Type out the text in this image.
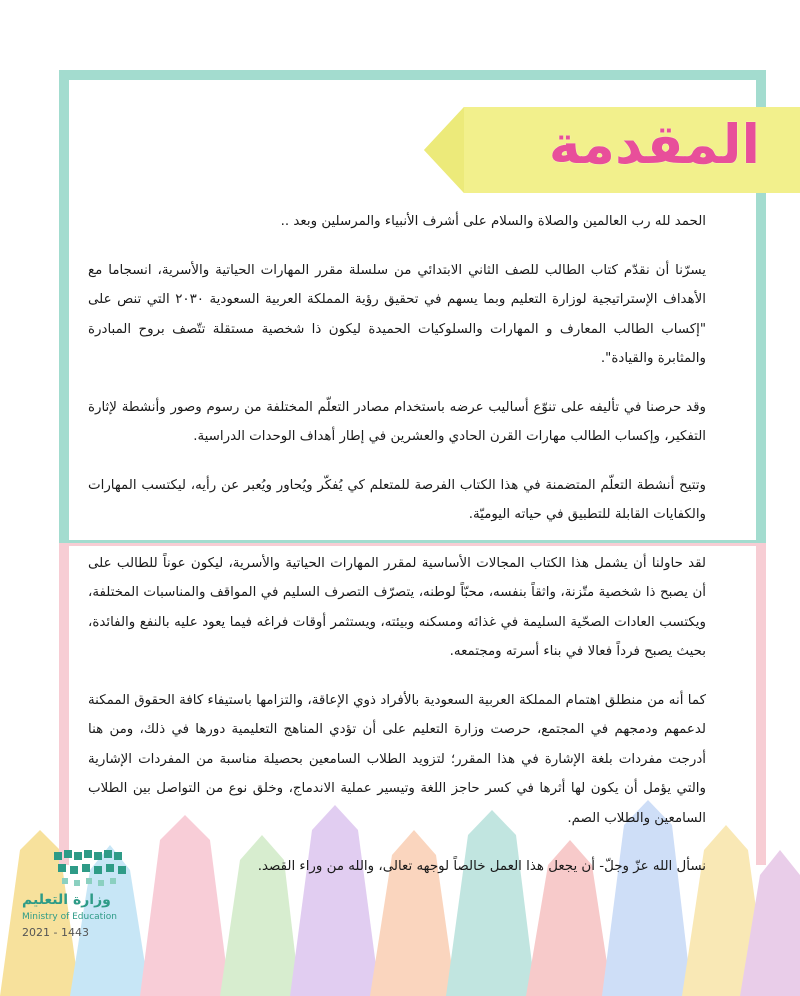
المقدمة

الحمد لله رب العالمين والصلاة والسلام على أشرف الأنبياء والمرسلين وبعد ..

يسرّنا أن نقدّم كتاب الطالب للصف الثاني الابتدائي من سلسلة مقرر المهارات الحياتية والأسرية، انسجاما مع الأهداف الإستراتيجية لوزارة التعليم وبما يسهم في تحقيق رؤية المملكة العربية السعودية ٢٠٣٠ التي تنص على "إكساب الطالب المعارف و المهارات والسلوكيات الحميدة ليكون ذا شخصية مستقلة تتّصف بروح المبادرة والمثابرة والقيادة".

وقد حرصنا في تأليفه على تنوّع أساليب عرضه باستخدام مصادر التعلّم المختلفة من رسوم وصور وأنشطة لإثارة التفكير، وإكساب الطالب مهارات القرن الحادي والعشرين في إطار أهداف الوحدات الدراسية.

وتتيح أنشطة التعلّم المتضمنة في هذا الكتاب الفرصة للمتعلم كي يُفكّر ويُحاور ويُعبر عن رأيه، ليكتسب المهارات والكفايات القابلة للتطبيق في حياته اليوميّة.

لقد حاولنا أن يشمل هذا الكتاب المجالات الأساسية لمقرر المهارات الحياتية والأسرية، ليكون عوناً للطالب على أن يصبح ذا شخصية متّزنة، واثقاً بنفسه، محبّاً لوطنه، يتصرّف التصرف السليم في المواقف والمناسبات المختلفة، ويكتسب العادات الصحّية السليمة في غذائه ومسكنه وبيئته، ويستثمر أوقات فراغه فيما يعود عليه بالنفع والفائدة، بحيث يصبح فرداً فعالا في بناء أسرته ومجتمعه.

كما أنه من منطلق اهتمام المملكة العربية السعودية بالأفراد ذوي الإعاقة، والتزامها باستيفاء كافة الحقوق الممكنة لدعمهم ودمجهم في المجتمع، حرصت وزارة التعليم على أن تؤدي المناهج التعليمية دورها في ذلك، ومن هنا أدرجت مفردات بلغة الإشارة في هذا المقرر؛ لتزويد الطلاب السامعين بحصيلة مناسبة من المفردات الإشارية والتي يؤمل أن يكون لها أثرها في كسر حاجز اللغة وتيسير عملية الاندماج، وخلق نوع من التواصل بين الطلاب السامعين والطلاب الصم.

نسأل الله عزّ وجلّ- أن يجعل هذا العمل خالصاً لوجهه تعالى، والله من وراء القصد.

وزارة التعليم
Ministry of Education
2021 - 1443
